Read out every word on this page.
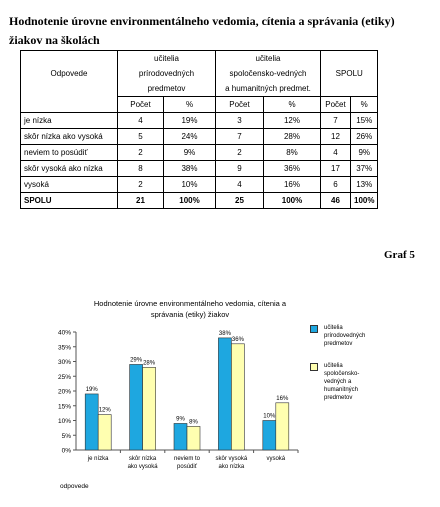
Hodnotenie úrovne environmentálneho vedomia, cítenia a správania (etiky)
žiakov na školách
	učitelia		učitelia			
Odpovede	prírodovedných		spoločensko-vedných		SPOLU	
	predmetov		a humanitných predmet.			
	Počet	%	Počet	%	Počet	%
je nízka	4	19%	3	12%	7	15%
skôr nízka ako vysoká	5	24%	7	28%	12	26%
neviem to posúdiť	2	9%	2	8%	4	9%
skôr vysoká ako nízka	8	38%	9	36%	17	37%
vysoká	2	10%	4	16%	6	13%
SPOLU	21	100%	25	100%	46	100%
Graf 5
0%
5%
10%
15%
20%
25%
30%
35%
40%
19%
12%
je nízka
29% 28%
skôr nízka
ako vysoká
9% 8%
neviem to
posúdiť
38%
36%
skôr vysoká
ako nízka
10%
16%
vysoká
Hodnotenie úrovne environmentálneho vedomia, cítenia a
správania (etiky) žiakov
učitelia
prírodovedných
predmetov
učitelia
spoločensko-
vedných a
humanitných
predmetov
odpovede
